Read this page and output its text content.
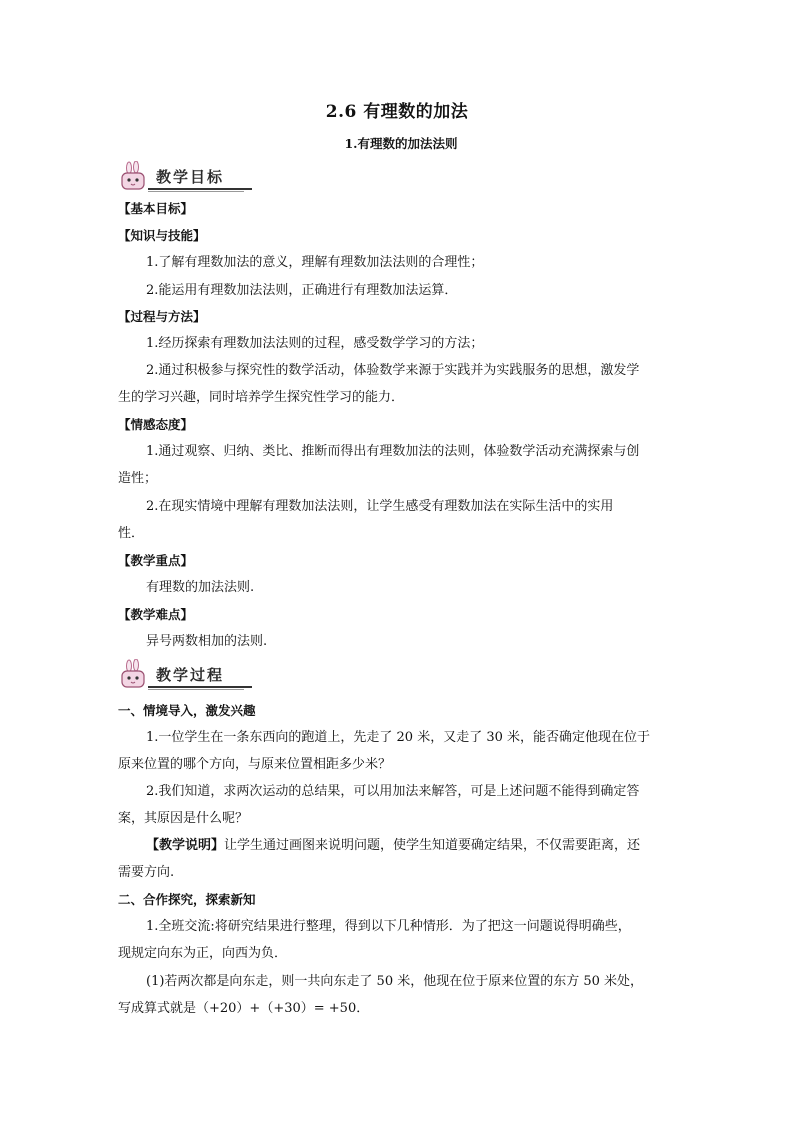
2.6 有理数的加法
1.有理数的加法法则
教学目标
【基本目标】
【知识与技能】
1.了解有理数加法的意义，理解有理数加法法则的合理性；
2.能运用有理数加法法则，正确进行有理数加法运算．
【过程与方法】
1.经历探索有理数加法法则的过程，感受数学学习的方法；
2.通过积极参与探究性的数学活动，体验数学来源于实践并为实践服务的思想，激发学
生的学习兴趣，同时培养学生探究性学习的能力．
【情感态度】
1.通过观察、归纳、类比、推断而得出有理数加法的法则，体验数学活动充满探索与创
造性；
2.在现实情境中理解有理数加法法则，让学生感受有理数加法在实际生活中的实用
性．
【教学重点】
有理数的加法法则.
【教学难点】
异号两数相加的法则.
教学过程
一、情境导入，激发兴趣
1.一位学生在一条东西向的跑道上，先走了 20 米，又走了 30 米，能否确定他现在位于
原来位置的哪个方向，与原来位置相距多少米？
2.我们知道，求两次运动的总结果，可以用加法来解答，可是上述问题不能得到确定答
案，其原因是什么呢？
【教学说明】让学生通过画图来说明问题，使学生知道要确定结果，不仅需要距离，还
需要方向.
二、合作探究，探索新知
1.全班交流:将研究结果进行整理，得到以下几种情形．为了把这一问题说得明确些，
现规定向东为正，向西为负．
(1)若两次都是向东走，则一共向东走了 50 米，他现在位于原来位置的东方 50 米处，
写成算式就是（+20）+（+30）= +50．
